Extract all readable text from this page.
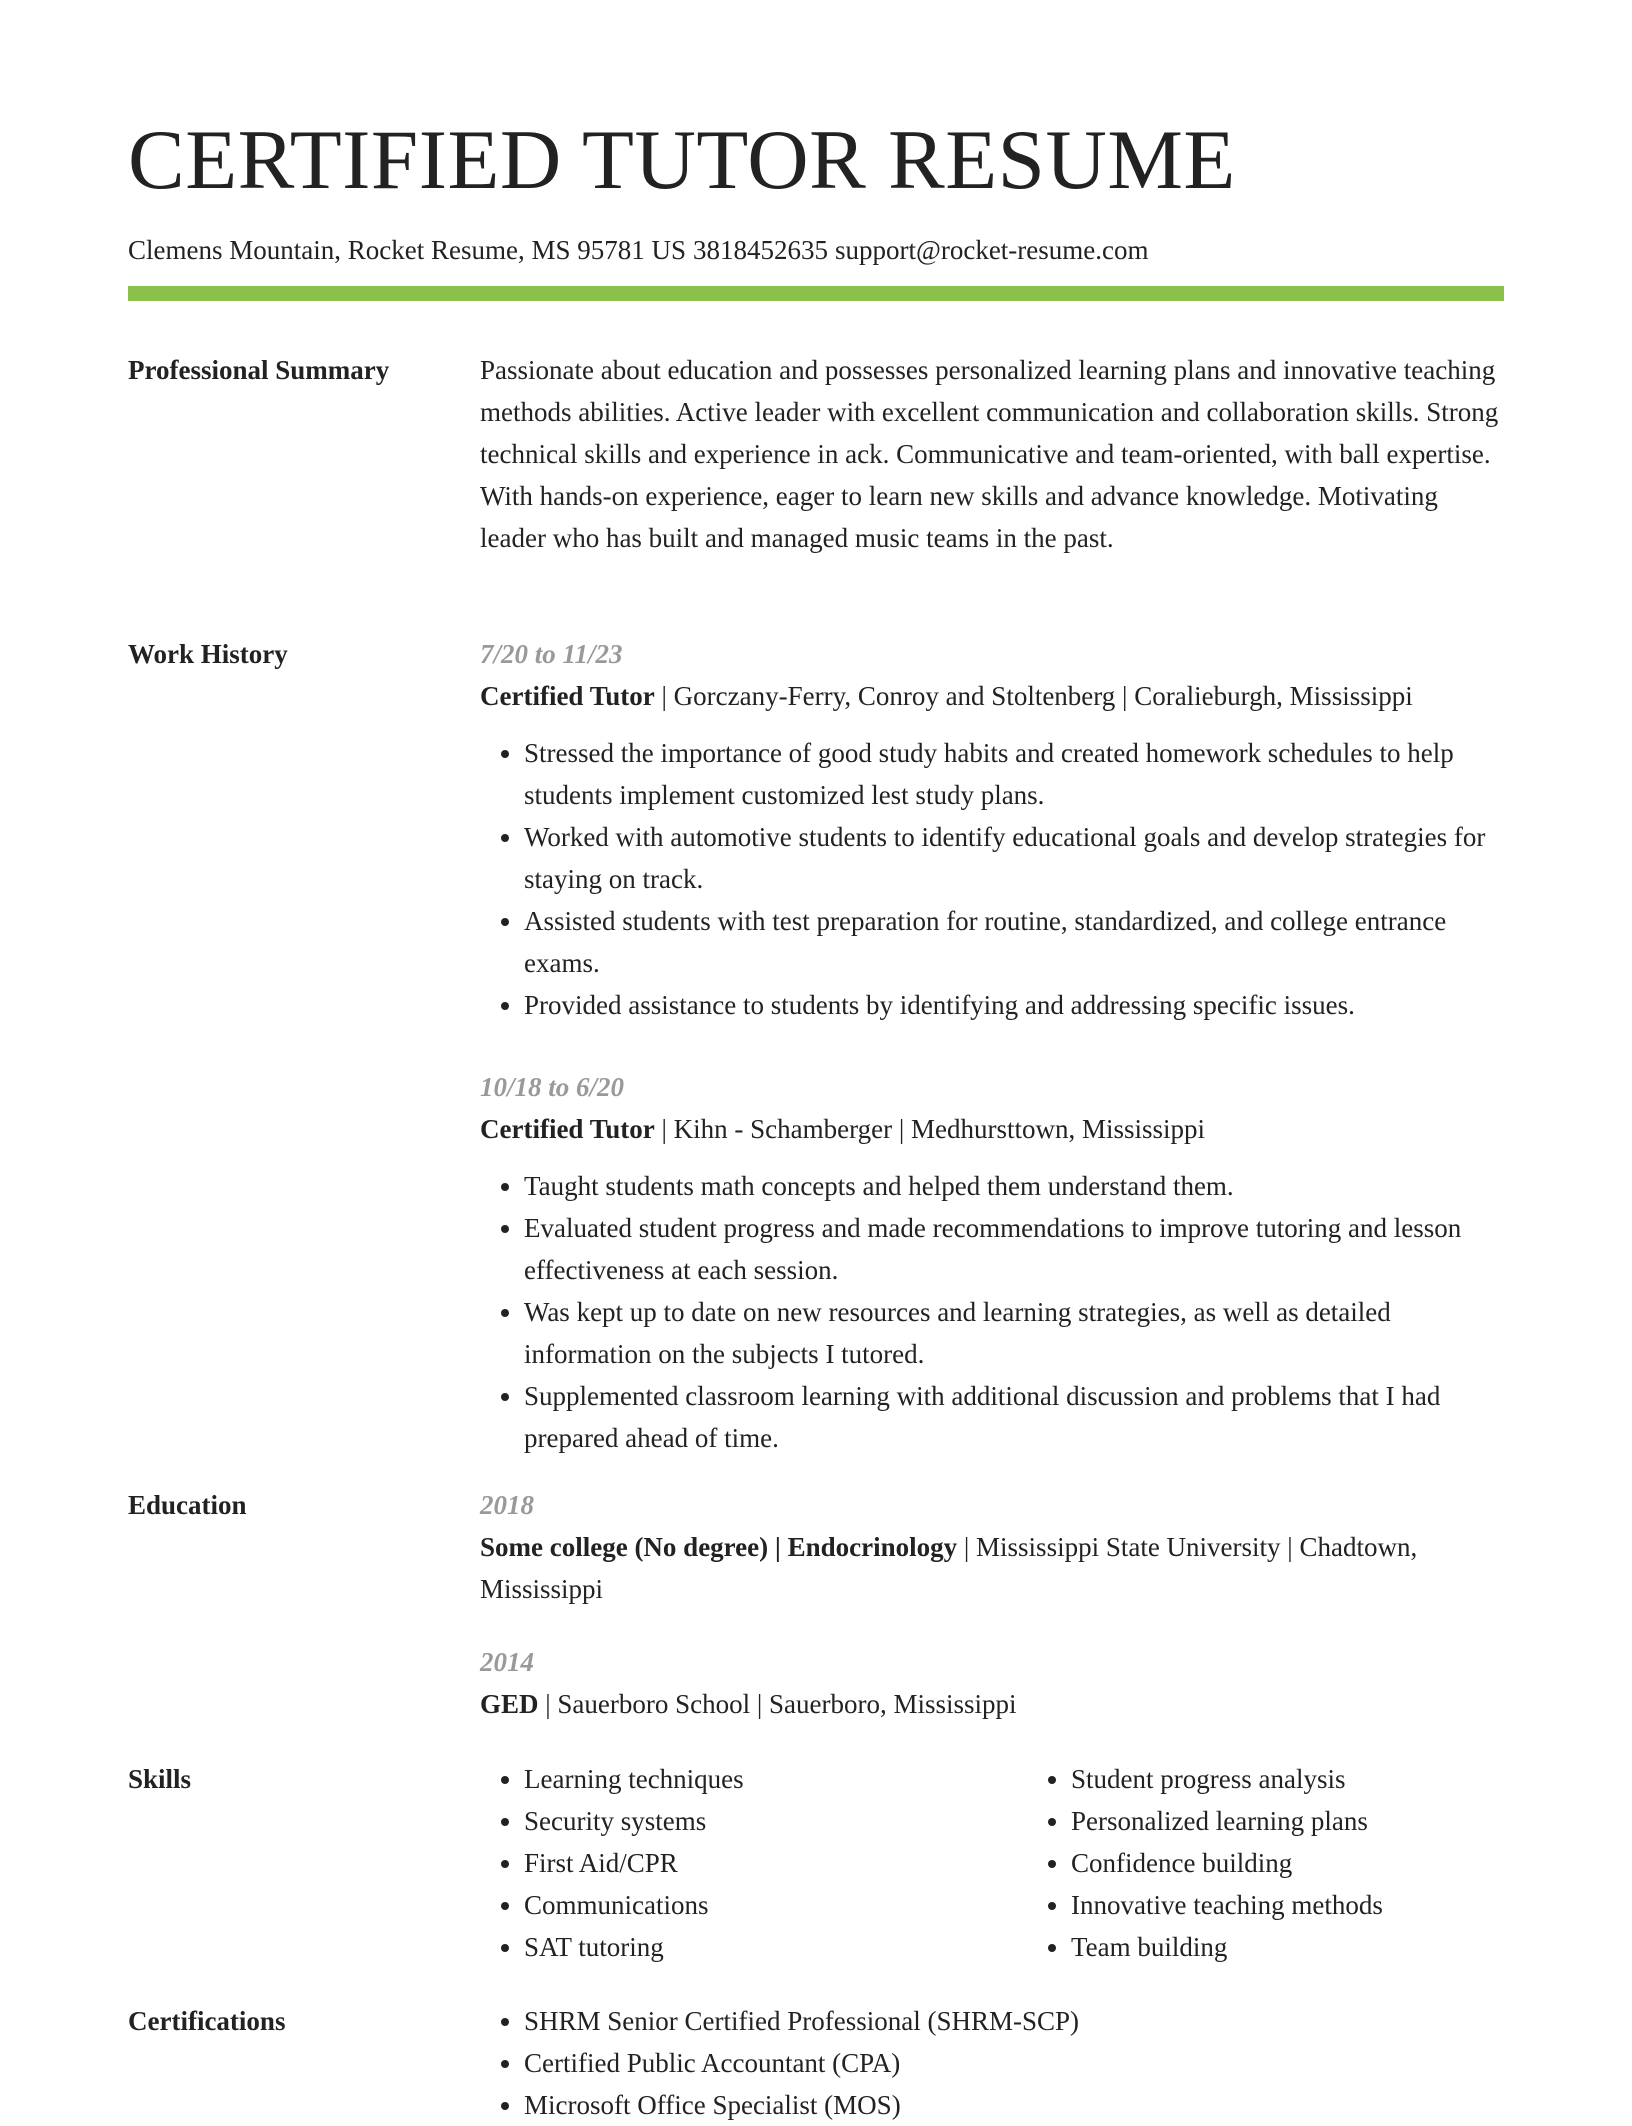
CERTIFIED TUTOR RESUME
Clemens Mountain, Rocket Resume, MS 95781 US 3818452635 support@rocket-resume.com
Professional Summary	Passionate about education and possesses personalized learning plans and innovative teaching methods abilities. Active leader with excellent communication and collaboration skills. Strong technical skills and experience in ack. Communicative and team-oriented, with ball expertise. With hands-on experience, eager to learn new skills and advance knowledge. Motivating leader who has built and managed music teams in the past.

Work History	7/20 to 11/23
Certified Tutor | Gorczany-Ferry, Conroy and Stoltenberg | Coralieburgh, Mississippi
• Stressed the importance of good study habits and created homework schedules to help students implement customized lest study plans.
• Worked with automotive students to identify educational goals and develop strategies for staying on track.
• Assisted students with test preparation for routine, standardized, and college entrance exams.
• Provided assistance to students by identifying and addressing specific issues.
10/18 to 6/20
Certified Tutor | Kihn - Schamberger | Medhursttown, Mississippi
• Taught students math concepts and helped them understand them.
• Evaluated student progress and made recommendations to improve tutoring and lesson effectiveness at each session.
• Was kept up to date on new resources and learning strategies, as well as detailed information on the subjects I tutored.
• Supplemented classroom learning with additional discussion and problems that I had prepared ahead of time.
Education	2018
Some college (No degree) | Endocrinology | Mississippi State University | Chadtown, Mississippi
2014
GED | Sauerboro School | Sauerboro, Mississippi
Skills	• Learning techniques
• Security systems
• First Aid/CPR
• Communications
• SAT tutoring
• Student progress analysis
• Personalized learning plans
• Confidence building
• Innovative teaching methods
• Team building
Certifications	• SHRM Senior Certified Professional (SHRM-SCP)
• Certified Public Accountant (CPA)
• Microsoft Office Specialist (MOS)
